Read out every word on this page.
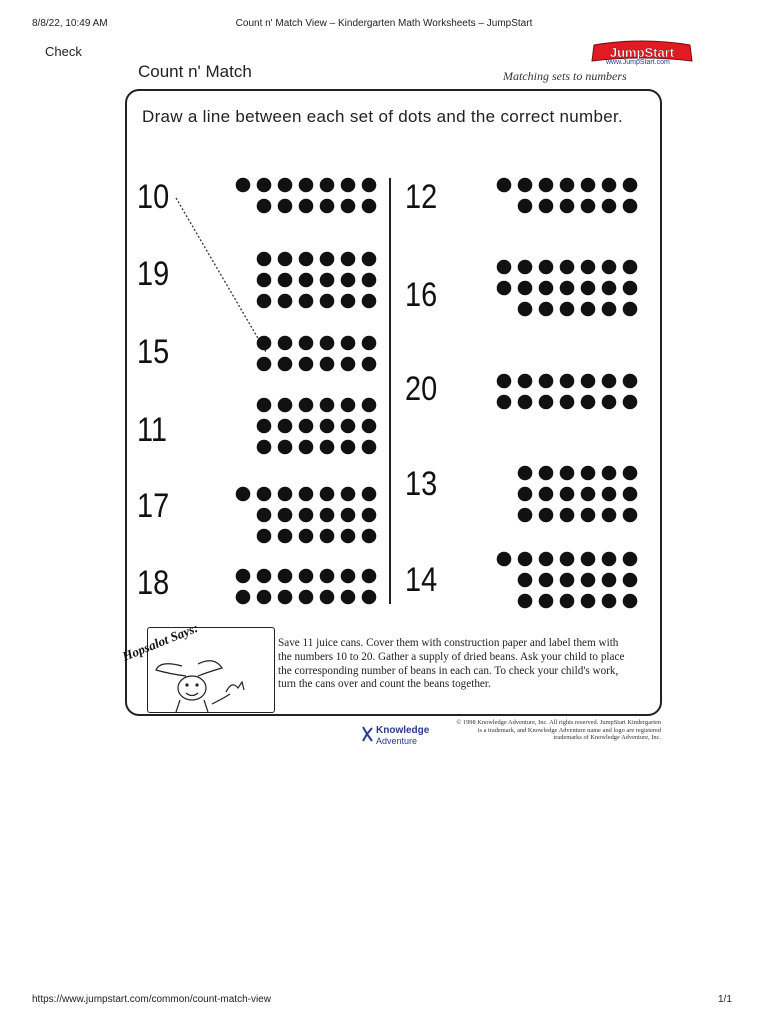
8/8/22, 10:49 AM	Count n' Match View – Kindergarten Math Worksheets – JumpStart
Check
Count n' Match	Matching sets to numbers
JumpStart
www.JumpStart.com
Draw a line between each set of dots and the correct number.
10
19
15
11
17
18
12
16
20
13
14
Hopsalot Says:	Save 11 juice cans. Cover them with construction paper and label them with the numbers 10 to 20. Gather a supply of dried beans. Ask your child to place the corresponding number of beans in each can. To check your child's work, turn the cans over and count the beans together.
Knowledge
Adventure
© 1998 Knowledge Adventure, Inc. All rights reserved. JumpStart Kindergarten is a trademark, and Knowledge Adventure name and logo are registered trademarks of Knowledge Adventure, Inc.
https://www.jumpstart.com/common/count-match-view	1/1
